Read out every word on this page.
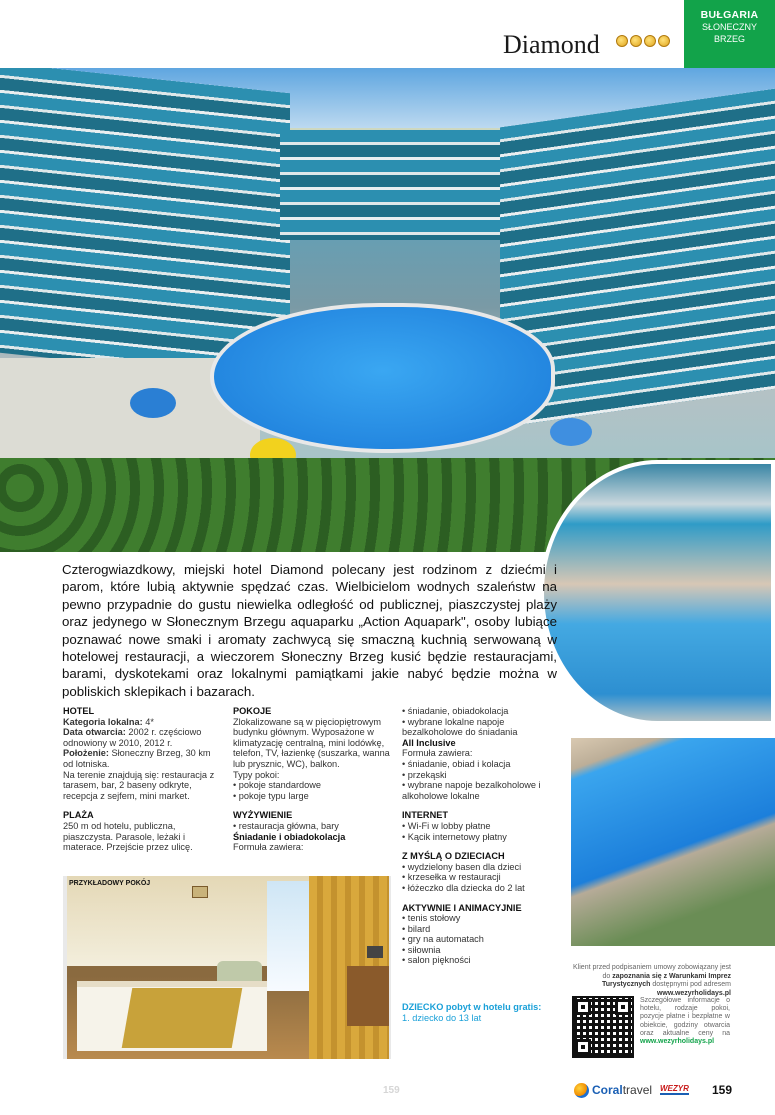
Diamond
BUŁGARIA
SŁONECZNY
BRZEG

Czterogwiazdkowy, miejski hotel Diamond polecany jest rodzinom z dziećmi i parom, które lubią aktywnie spędzać czas. Wielbicielom wodnych szaleństw na pewno przypadnie do gustu niewielka odległość od publicznej, piaszczystej plaży oraz jedynego w Słonecznym Brzegu aquaparku „Action Aquapark", osoby lubiące poznawać nowe smaki i aromaty zachwycą się smaczną kuchnią serwowaną w hotelowej restauracji, a wieczorem Słoneczny Brzeg kusić będzie restauracjami, barami, dyskotekami oraz lokalnymi pamiątkami jakie nabyć będzie można w pobliskich sklepikach i bazarach.

HOTEL
Kategoria lokalna: 4*
Data otwarcia: 2002 r. częściowo odnowiony w 2010, 2012 r.
Położenie: Słoneczny Brzeg, 30 km od lotniska.
Na terenie znajdują się: restauracja z tarasem, bar, 2 baseny odkryte, recepcja z sejfem, mini market.
PLAŻA
250 m od hotelu, publiczna, piaszczysta. Parasole, leżaki i materace. Przejście przez ulicę.
POKOJE
Zlokalizowane są w pięciopiętrowym budynku głównym. Wyposażone w klimatyzację centralną, mini lodówkę, telefon, TV, łazienkę (suszarka, wanna lub prysznic, WC), balkon.
Typy pokoi:
• pokoje standardowe
• pokoje typu large
WYŻYWIENIE
• restauracja główna, bary
Śniadanie i obiadokolacja
Formuła zawiera:
• śniadanie, obiadokolacja
• wybrane lokalne napoje bezalkoholowe do śniadania
All Inclusive
Formuła zawiera:
• śniadanie, obiad i kolacja
• przekąski
• wybrane napoje bezalkoholowe i alkoholowe lokalne
INTERNET
• Wi-Fi w lobby płatne
• Kącik internetowy płatny
Z MYŚLĄ O DZIECIACH
• wydzielony basen dla dzieci
• krzesełka w restauracji
• łóżeczko dla dziecka do 2 lat
AKTYWNIE I ANIMACYJNIE
• tenis stołowy
• bilard
• gry na automatach
• siłownia
• salon piękności
DZIECKO pobyt w hotelu gratis:
1. dziecko do 13 lat
PRZYKŁADOWY POKÓJ
Klient przed podpisaniem umowy zobowiązany jest do zapoznania się z Warunkami Imprez Turystycznych dostępnymi pod adresem www.wezyrholidays.pl
Szczegółowe informacje o hotelu, rodzaje pokoi, pozycje płatne i bezpłatne w obiekcie, godziny otwarcia oraz aktualne ceny na www.wezyrholidays.pl
159	Coraltravel WEZYR 159
